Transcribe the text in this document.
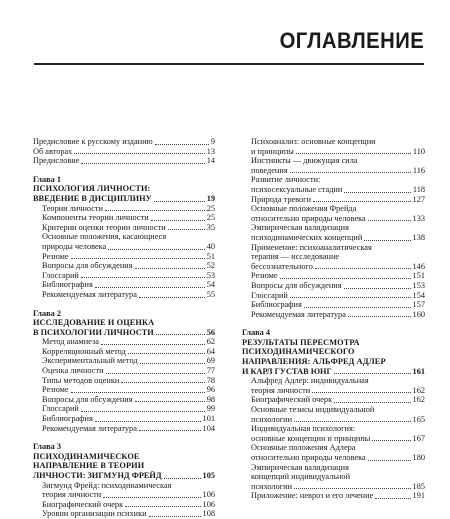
ОГЛАВЛЕНИЕ
Предисловие к русскому изданию	9
Об авторах	13
Предисловие	14
Глава 1
ПСИХОЛОГИЯ ЛИЧНОСТИ:
ВВЕДЕНИЕ В ДИСЦИПЛИНУ	19
Теории личности	25
Компоненты теории личности	25
Критерии оценки теории личности	35
Основные положения, касающиеся
природы человека	40
Резюме	51
Вопросы для обсуждения	52
Глоссарий	53
Библиография	54
Рекомендуемая литература	55
Глава 2
ИССЛЕДОВАНИЕ И ОЦЕНКА
В ПСИХОЛОГИИ ЛИЧНОСТИ	56
Метод анамнеза	62
Корреляционный метод	64
Экспериментальный метод	69
Оценка личности	77
Типы методов оценки	78
Резюме	96
Вопросы для обсуждения	98
Глоссарий	99
Библиография	101
Рекомендуемая литература	104
Глава 3
ПСИХОДИНАМИЧЕСКОЕ
НАПРАВЛЕНИЕ В ТЕОРИИ
ЛИЧНОСТИ: ЗИГМУНД ФРЕЙД	105
Зигмунд Фрейд: психодинамическая
теория личности	106
Биографический очерк	106
Уровни организации психики	108
Психоанализ: основные концепции
и принципы	110
Инстинкты — движущая сила
поведения	116
Развитие личности:
психосексуальные стадии	118
Природа тревоги	127
Основные положения Фрейда
относительно природы человека	133
Эмпирическая валидизация
психодинамических концепций	138
Применение: психоаналитическая
терапия — исследование
бессознательного	146
Резюме	151
Вопросы для обсуждения	153
Глоссарий	154
Библиография	157
Рекомендуемая литература	160
Глава 4
РЕЗУЛЬТАТЫ ПЕРЕСМОТРА
ПСИХОДИНАМИЧЕСКОГО
НАПРАВЛЕНИЯ: АЛЬФРЕД АДЛЕР
И КАРЛ ГУСТАВ ЮНГ	161
Альфред Адлер: индивидуальная
теория личности	162
Биографический очерк	162
Основные тезисы индивидуальной
психологии	165
Индивидуальная психология:
основные концепции и принципы	167
Основные положения Адлера
относительно природы человека	180
Эмпирическая валидизация
концепций индивидуальной
психологии	185
Приложение: невроз и его лечение	191
